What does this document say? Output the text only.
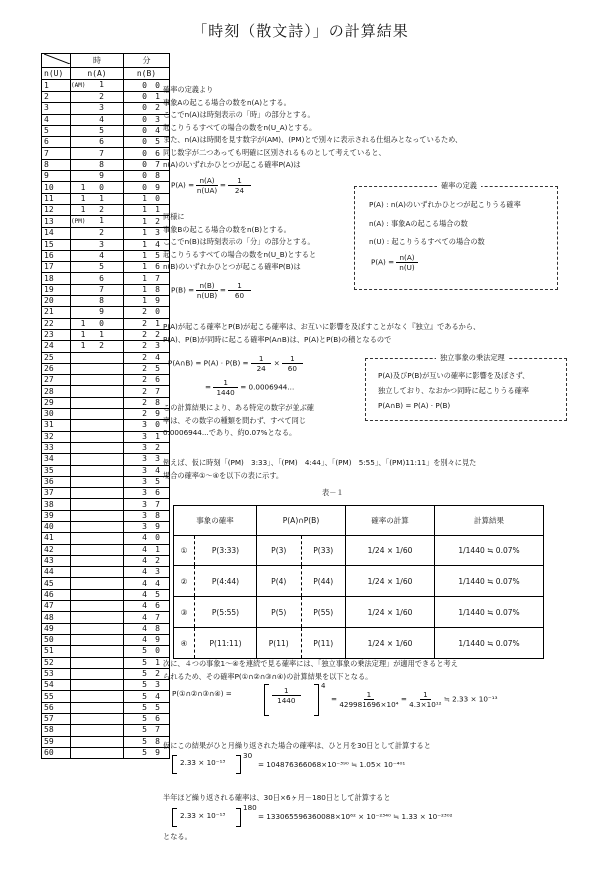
「時刻（散文詩）」の計算結果
	時	分
n(U)	n(A)	n(B)
1	(AM) 1	0 0
2	2	0 1
3	3	0 2
4	4	0 3
5	5	0 4
6	6	0 5
7	7	0 6
8	8	0 7
9	9	0 8
10	1 0	0 9
11	1 1	1 0
12	1 2	1 1
13	(PM) 1	1 2
14	2	1 3
15	3	1 4
16	4	1 5
17	5	1 6
18	6	1 7
19	7	1 8
20	8	1 9
21	9	2 0
22	1 0	2 1
23	1 1	2 2
24	1 2	2 3
25		2 4
26		2 5
27		2 6
28		2 7
29		2 8
30		2 9
31		3 0
32		3 1
33		3 2
34		3 3
35		3 4
36		3 5
37		3 6
38		3 7
39		3 8
40		3 9
41		4 0
42		4 1
43		4 2
44		4 3
45		4 4
46		4 5
47		4 6
48		4 7
49		4 8
50		4 9
51		5 0
52		5 1
53		5 2
54		5 3
55		5 4
56		5 5
57		5 6
58		5 7
59		5 8
60		5 9
確率の定義より
事象Aの起こる場合の数をn(A)とする。
ここでn(A)は時刻表示の「時」の部分とする。
起こりうるすべての場合の数をn(U_A)とする。
また、n(A)は時間を見す数字が(AM)、(PM)とで別々に表示される仕組みとなっているため、
同じ数字が二つあっても明確に区別されるものとして考えていると、
n(A)のいずれかひとつが起こる確率P(A)は
$P(A) = \frac{n(A)}{n(UA)} = \frac{1}{24}$	確率の定義
P(A) : n(A)のいずれかひとつが起こりうる確率
n(A) : 事象Aの起こる場合の数
n(U) : 起こりうるすべての場合の数
$P(A) = \frac{n(A)}{n(U)}$
同様に
事象Bの起こる場合の数をn(B)とする。
ここでn(B)は時刻表示の「分」の部分とする。
起こりうるすべての場合の数をn(U_B)とすると
n(B)のいずれかひとつが起こる確率P(B)は
$P(B) = \frac{n(B)}{n(UB)} = \frac{1}{60}$
P(A)が起こる確率とP(B)が起こる確率は、お互いに影響を及ぼすことがなく『独立』であるから、
P(A)、P(B)が同時に起こる確率P(A∩B)は、P(A)とP(B)の積となるので
P(A∩B) = $P(A) \cdot P(B) = \frac{1}{24} \times \frac{1}{60}$
= $\frac{1}{1440} = 0.0006944$...
独立事象の乗法定理
P(A)及びP(B)が互いの確率に影響を及ぼさず、
独立しており、なおかつ同時に起こりうる確率
P(A∩B) = P(A) · P(B)
この計算結果により、ある特定の数字が並ぶ確
率は、その数字の種類を問わず、すべて同じ
0.0006944...であり、約0.07%となる。
例えば、仮に時刻「(PM)　3:33」、「(PM)　4:44」、「(PM)　5:55」、「(PM)11:11」を別々に見た
場合の確率①～④を以下の表に示す。
表－１
事象の確率		P(A)∩P(B)		確率の計算	計算結果
①	P(3:33)	P(3)	P(33)	1/24 × 1/60	1/1440 ≒ 0.07%
②	P(4:44)	P(4)	P(44)	1/24 × 1/60	1/1440 ≒ 0.07%
③	P(5:55)	P(5)	P(55)	1/24 × 1/60	1/1440 ≒ 0.07%
④	P(11:11)	P(11)	P(11)	1/24 × 1/60	1/1440 ≒ 0.07%
次に、４つの事象1～④を連続で見る確率には、「独立事象の乗法定理」が適用できると考え
られるため、その確率P(①∩②∩③∩④)の計算結果を以下となる。
P(①∩②∩③∩④) =	$\frac{1}{1440}$	4
= $\frac{1}{\text{429981696×10⁴}} = \frac{1}{\text{4.3×10¹²}}$ ≒ 2.33 × 10⁻¹³
仮にこの結果がひと月繰り返された場合の確率は、ひと月を30日として計算すると
2.33 × 10⁻¹³
30
= 104876366068×10⁻³⁹⁰ ≒ 1.05× 10⁻⁴⁰¹
半年ほど繰り返される確率は、30日×6ヶ月－180日として計算すると
2.33 × 10⁻¹³
180
= 133065596360088×10⁶² × 10⁻²³⁴⁰ ≒ 1.33 × 10⁻²³⁰²
となる。
